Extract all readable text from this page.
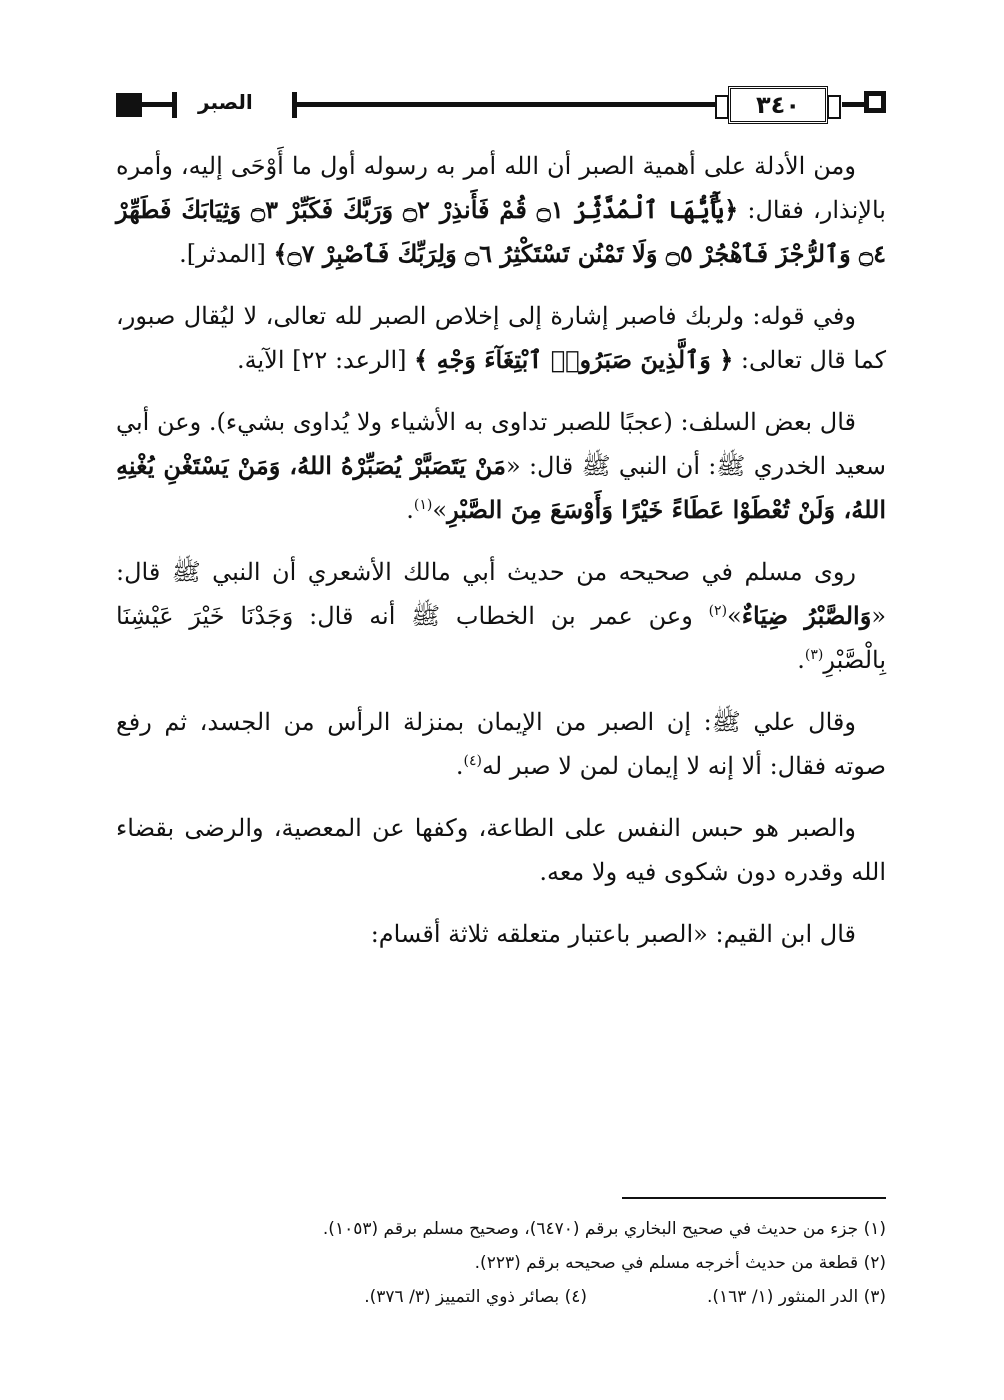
الصبر	٣٤٠

ومن الأدلة على أهمية الصبر أن الله أمر به رسوله أول ما أَوْحَى إليه، وأمره بالإنذار، فقال: ﴿يَٰٓأَيُّهَا ٱلْمُدَّثِّرُ ۝١ قُمْ فَأَنذِرْ ۝٢ وَرَبَّكَ فَكَبِّرْ ۝٣ وَثِيَابَكَ فَطَهِّرْ ۝٤ وَٱلرُّجْزَ فَٱهْجُرْ ۝٥ وَلَا تَمْنُن تَسْتَكْثِرُ ۝٦ وَلِرَبِّكَ فَٱصْبِرْ ۝٧﴾ [المدثر].

وفي قوله: ولربك فاصبر إشارة إلى إخلاص الصبر لله تعالى، لا ليُقال صبور، كما قال تعالى: ﴿ وَٱلَّذِينَ صَبَرُوا۟ ٱبْتِغَآءَ وَجْهِ ﴾ [الرعد: ٢٢] الآية.

قال بعض السلف: (عجبًا للصبر تداوى به الأشياء ولا يُداوى بشيء). وعن أبي سعيد الخدري ﷺ: أن النبي ﷺ قال: «مَنْ يَتَصَبَّرْ يُصَبِّرْهُ اللهُ، وَمَنْ يَسْتَغْنِ يُغْنِهِ اللهُ، وَلَنْ تُعْطَوْا عَطَاءً خَيْرًا وَأَوْسَعَ مِنَ الصَّبْرِ»$^{(١)}$.

روى مسلم في صحيحه من حديث أبي مالك الأشعري أن النبي ﷺ قال: «وَالصَّبْرُ ضِيَاءٌ»$^{(٢)}$ وعن عمر بن الخطاب ﷺ أنه قال: وَجَدْنَا خَيْرَ عَيْشِنَا بِالْصَّبْرِ$^{(٣)}$.

وقال علي ﷺ: إن الصبر من الإيمان بمنزلة الرأس من الجسد، ثم رفع صوته فقال: ألا إنه لا إيمان لمن لا صبر له$^{(٤)}$.

والصبر هو حبس النفس على الطاعة، وكفها عن المعصية، والرضى بقضاء الله وقدره دون شكوى فيه ولا معه.

قال ابن القيم: «الصبر باعتبار متعلقه ثلاثة أقسام:

(١) جزء من حديث في صحيح البخاري برقم (٦٤٧٠)، وصحيح مسلم برقم (١٠٥٣).
(٢) قطعة من حديث أخرجه مسلم في صحيحه برقم (٢٢٣).
(٣) الدر المنثور (١/ ١٦٣).
(٤) بصائر ذوي التمييز (٣/ ٣٧٦).
